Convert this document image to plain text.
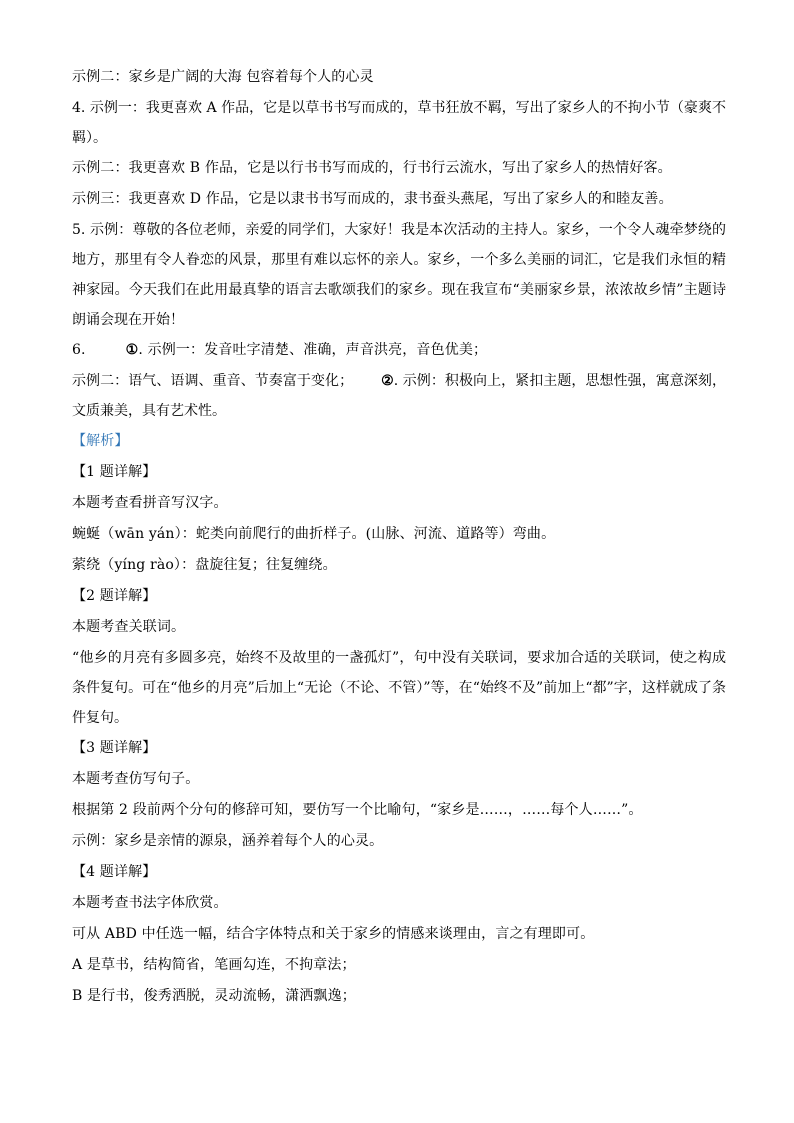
示例二：家乡是广阔的大海 包容着每个人的心灵
4. 示例一：我更喜欢 A 作品，它是以草书书写而成的，草书狂放不羁，写出了家乡人的不拘小节（豪爽不羁）。
示例二：我更喜欢 B 作品，它是以行书书写而成的，行书行云流水，写出了家乡人的热情好客。
示例三：我更喜欢 D 作品，它是以隶书书写而成的，隶书蚕头燕尾，写出了家乡人的和睦友善。
5. 示例：尊敬的各位老师，亲爱的同学们，大家好！我是本次活动的主持人。家乡，一个令人魂牵梦绕的地方，那里有令人眷恋的风景，那里有难以忘怀的亲人。家乡，一个多么美丽的词汇，它是我们永恒的精神家园。今天我们在此用最真挚的语言去歌颂我们的家乡。现在我宣布“美丽家乡景，浓浓故乡情”主题诗朗诵会现在开始！
6.	①. 示例一：发音吐字清楚、准确，声音洪亮，音色优美；
示例二：语气、语调、重音、节奏富于变化； ②. 示例：积极向上，紧扣主题，思想性强，寓意深刻，文质兼美，具有艺术性。
【解析】
【1 题详解】
本题考查看拼音写汉字。
蜿蜒（wān yán）：蛇类向前爬行的曲折样子。(山脉、河流、道路等）弯曲。
萦绕（yíng rào）：盘旋往复；往复缠绕。
【2 题详解】
本题考查关联词。
“他乡的月亮有多圆多亮，始终不及故里的一盏孤灯”，句中没有关联词，要求加合适的关联词，使之构成条件复句。可在“他乡的月亮”后加上“无论（不论、不管）”等，在“始终不及”前加上“都”字，这样就成了条件复句。
【3 题详解】
本题考查仿写句子。
根据第 2 段前两个分句的修辞可知，要仿写一个比喻句，“家乡是……，……每个人……”。
示例：家乡是亲情的源泉，涵养着每个人的心灵。
【4 题详解】
本题考查书法字体欣赏。
可从 ABD 中任选一幅，结合字体特点和关于家乡的情感来谈理由，言之有理即可。
A 是草书，结构简省，笔画勾连，不拘章法；
B 是行书，俊秀洒脱，灵动流畅，潇洒飘逸；
